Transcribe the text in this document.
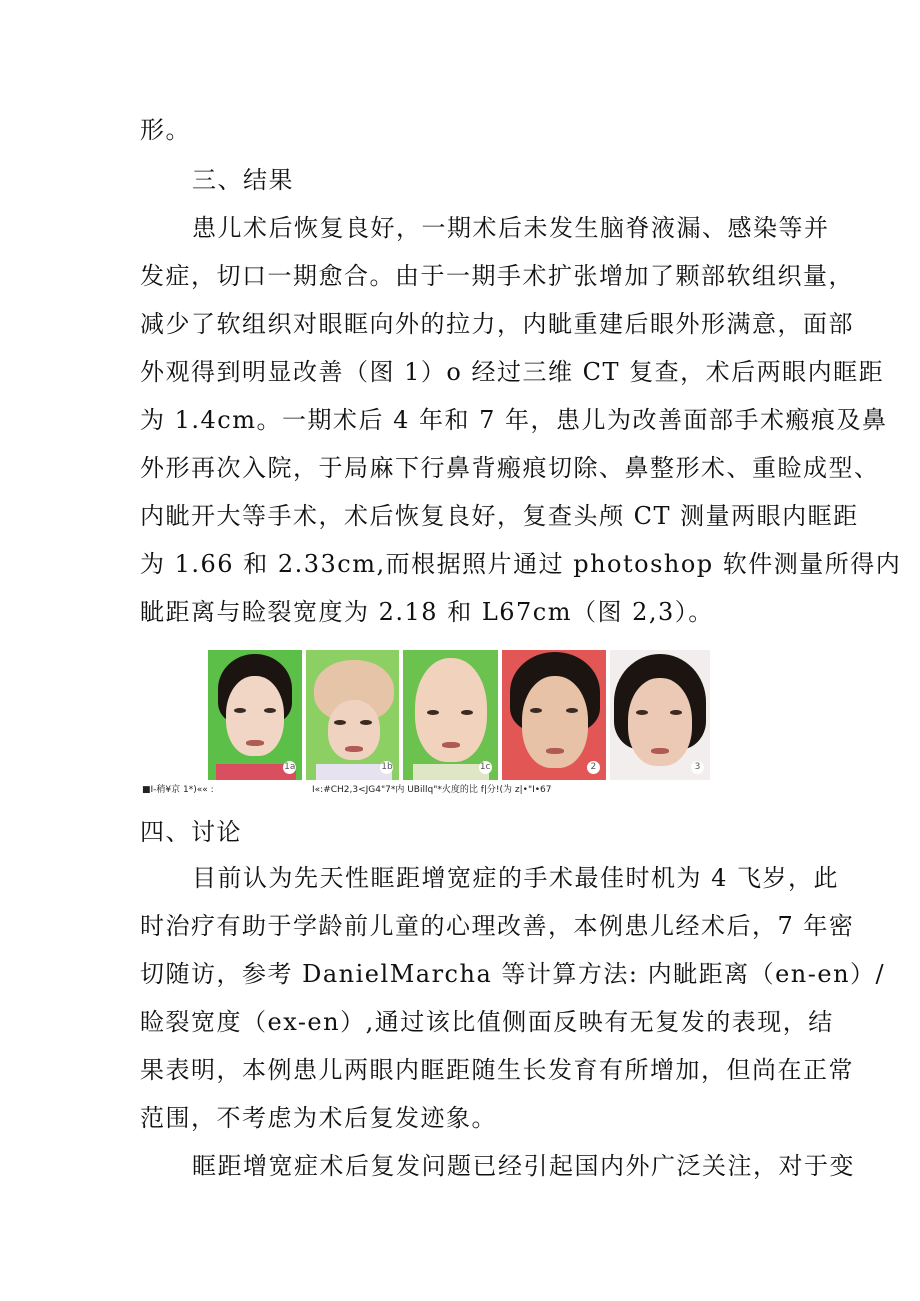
形。
三、结果
患儿术后恢复良好，一期术后未发生脑脊液漏、感染等并
发症，切口一期愈合。由于一期手术扩张增加了颗部软组织量，
减少了软组织对眼眶向外的拉力，内眦重建后眼外形满意，面部
外观得到明显改善（图 1）o 经过三维 CT 复查，术后两眼内眶距
为 1.4cm。一期术后 4 年和 7 年，患儿为改善面部手术瘢痕及鼻
外形再次入院，于局麻下行鼻背瘢痕切除、鼻整形术、重睑成型、
内眦开大等手术，术后恢复良好，复查头颅 CT 测量两眼内眶距
为 1.66 和 2.33cm,而根据照片通过 photoshop 软件测量所得内
眦距离与睑裂宽度为 2.18 和 L67cm（图 2,3）。
1a	1b	1c	2	3
■I-稍¥京 1*)«« :	I«:#CH2,3<JG4"7*内 UBillq"*火度的比 f|分!(为 z|•"I•67
四、讨论
目前认为先天性眶距增宽症的手术最佳时机为 4 飞岁，此
时治疗有助于学龄前儿童的心理改善，本例患儿经术后，7 年密
切随访，参考 DanielMarcha 等计算方法: 内眦距离（en-en）/
睑裂宽度（ex-en）,通过该比值侧面反映有无复发的表现，结
果表明，本例患儿两眼内眶距随生长发育有所增加，但尚在正常
范围，不考虑为术后复发迹象。
眶距增宽症术后复发问题已经引起国内外广泛关注，对于变
